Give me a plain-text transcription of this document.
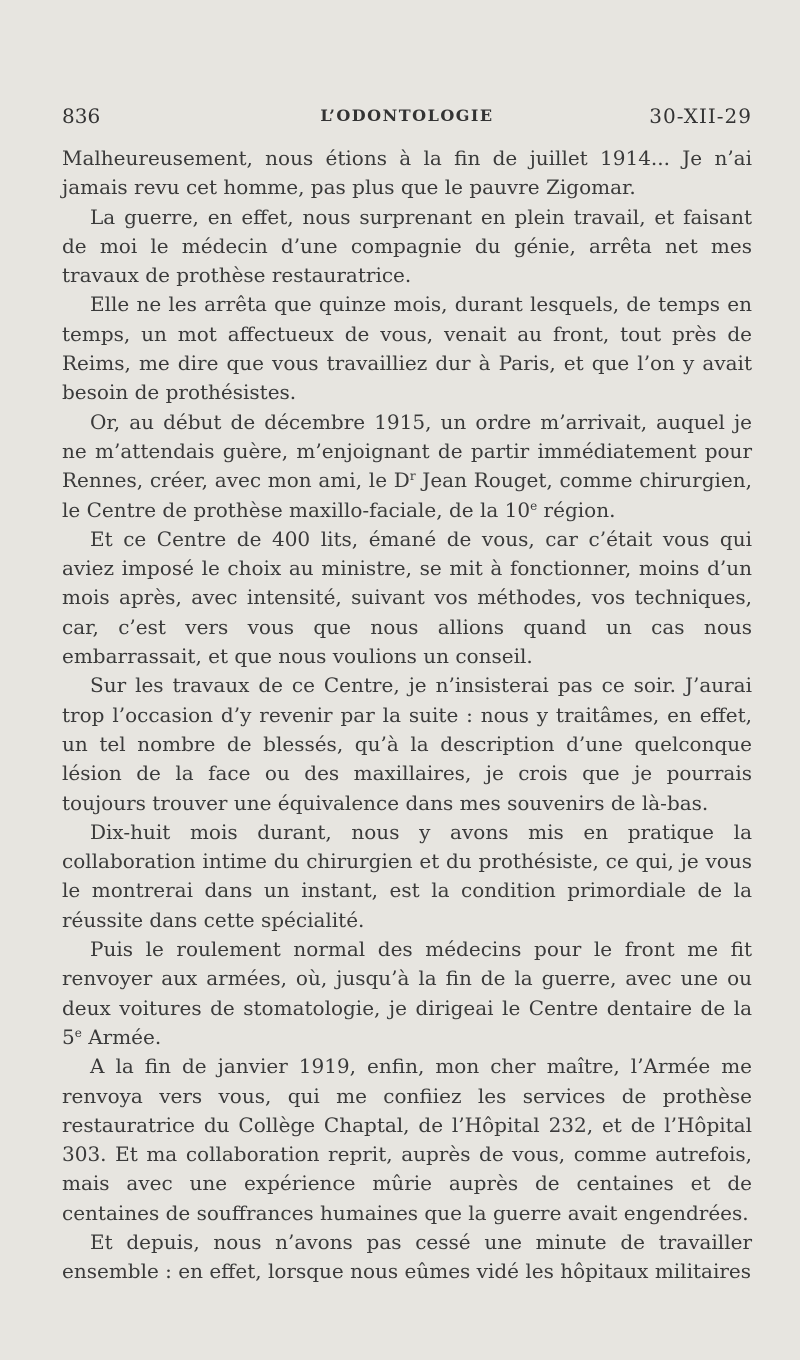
836	L’ODONTOLOGIE	30-XII-29

Malheureusement, nous étions à la fin de juillet 1914... Je n’ai jamais revu cet homme, pas plus que le pauvre Zigomar.

La guerre, en effet, nous surprenant en plein travail, et faisant de moi le médecin d’une compagnie du génie, arrêta net mes travaux de prothèse restauratrice.

Elle ne les arrêta que quinze mois, durant lesquels, de temps en temps, un mot affectueux de vous, venait au front, tout près de Reims, me dire que vous travailliez dur à Paris, et que l’on y avait besoin de prothésistes.

Or, au début de décembre 1915, un ordre m’arrivait, auquel je ne m’attendais guère, m’enjoignant de partir immédiatement pour Rennes, créer, avec mon ami, le $D^r$ Jean Rouget, comme chirurgien, le Centre de prothèse maxillo-faciale, de la 10e région.

Et ce Centre de 400 lits, émané de vous, car c’était vous qui aviez imposé le choix au ministre, se mit à fonctionner, moins d’un mois après, avec intensité, suivant vos méthodes, vos techniques, car, c’est vers vous que nous allions quand un cas nous embarrassait, et que nous voulions un conseil.

Sur les travaux de ce Centre, je n’insisterai pas ce soir. J’aurai trop l’occasion d’y revenir par la suite : nous y traitâmes, en effet, un tel nombre de blessés, qu’à la description d’une quelconque lésion de la face ou des maxillaires, je crois que je pourrais toujours trouver une équivalence dans mes souvenirs de là-bas.

Dix-huit mois durant, nous y avons mis en pratique la collaboration intime du chirurgien et du prothésiste, ce qui, je vous le montrerai dans un instant, est la condition primordiale de la réussite dans cette spécialité.

Puis le roulement normal des médecins pour le front me fit renvoyer aux armées, où, jusqu’à la fin de la guerre, avec une ou deux voitures de stomatologie, je dirigeai le Centre dentaire de la 5e Armée.

A la fin de janvier 1919, enfin, mon cher maître, l’Armée me renvoya vers vous, qui me confiiez les services de prothèse restauratrice du Collège Chaptal, de l’Hôpital 232, et de l’Hôpital 303. Et ma collaboration reprit, auprès de vous, comme autrefois, mais avec une expérience mûrie auprès de centaines et de centaines de souffrances humaines que la guerre avait engendrées.

Et depuis, nous n’avons pas cessé une minute de travailler ensemble : en effet, lorsque nous eûmes vidé les hôpitaux militaires
